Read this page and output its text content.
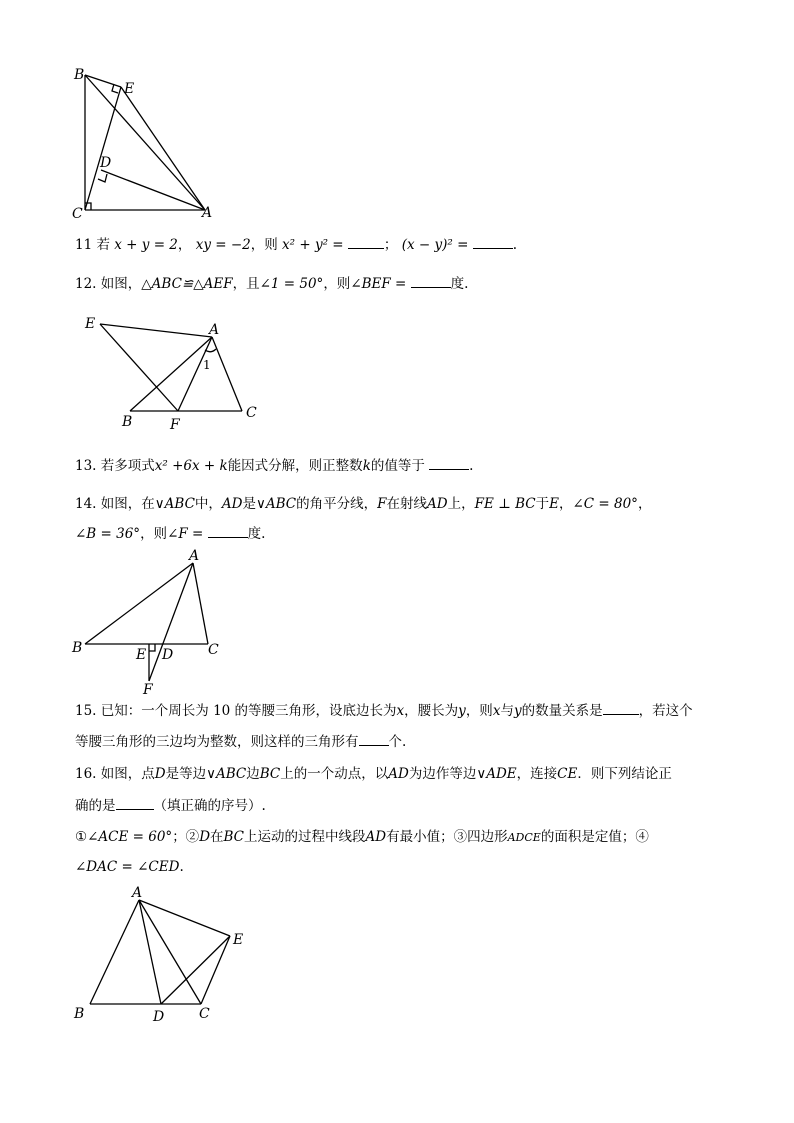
B
E
D
C	A
11 若 x + y = 2， xy = −2，则 x² + y² =	； (x − y)² =	.
12. 如图，△ABC≌△AEF，且∠1 = 50°，则∠BEF =	度.
E	A
1
B	F
C
13. 若多项式x² +6x + k能因式分解，则正整数k的值等于	.
14. 如图，在∨ABC中，AD是∨ABC的角平分线，F在射线AD上，FE ⊥ BC于E，∠C = 80°，
∠B = 36°，则∠F =	度.
A
B	E D C
F
15. 已知：一个周长为 10 的等腰三角形，设底边长为x，腰长为y，则x与y的数量关系是	，若这个
等腰三角形的三边均为整数，则这样的三角形有 个.
16. 如图，点D是等边∨ABC边BC上的一个动点，以AD为边作等边∨ADE，连接CE．则下列结论正
确的是	（填正确的序号）.
①∠ACE = 60°；②D在BC上运动的过程中线段AD有最小值；③四边形ADCE的面积是定值；④
∠DAC = ∠CED.
A
E
B	D C
